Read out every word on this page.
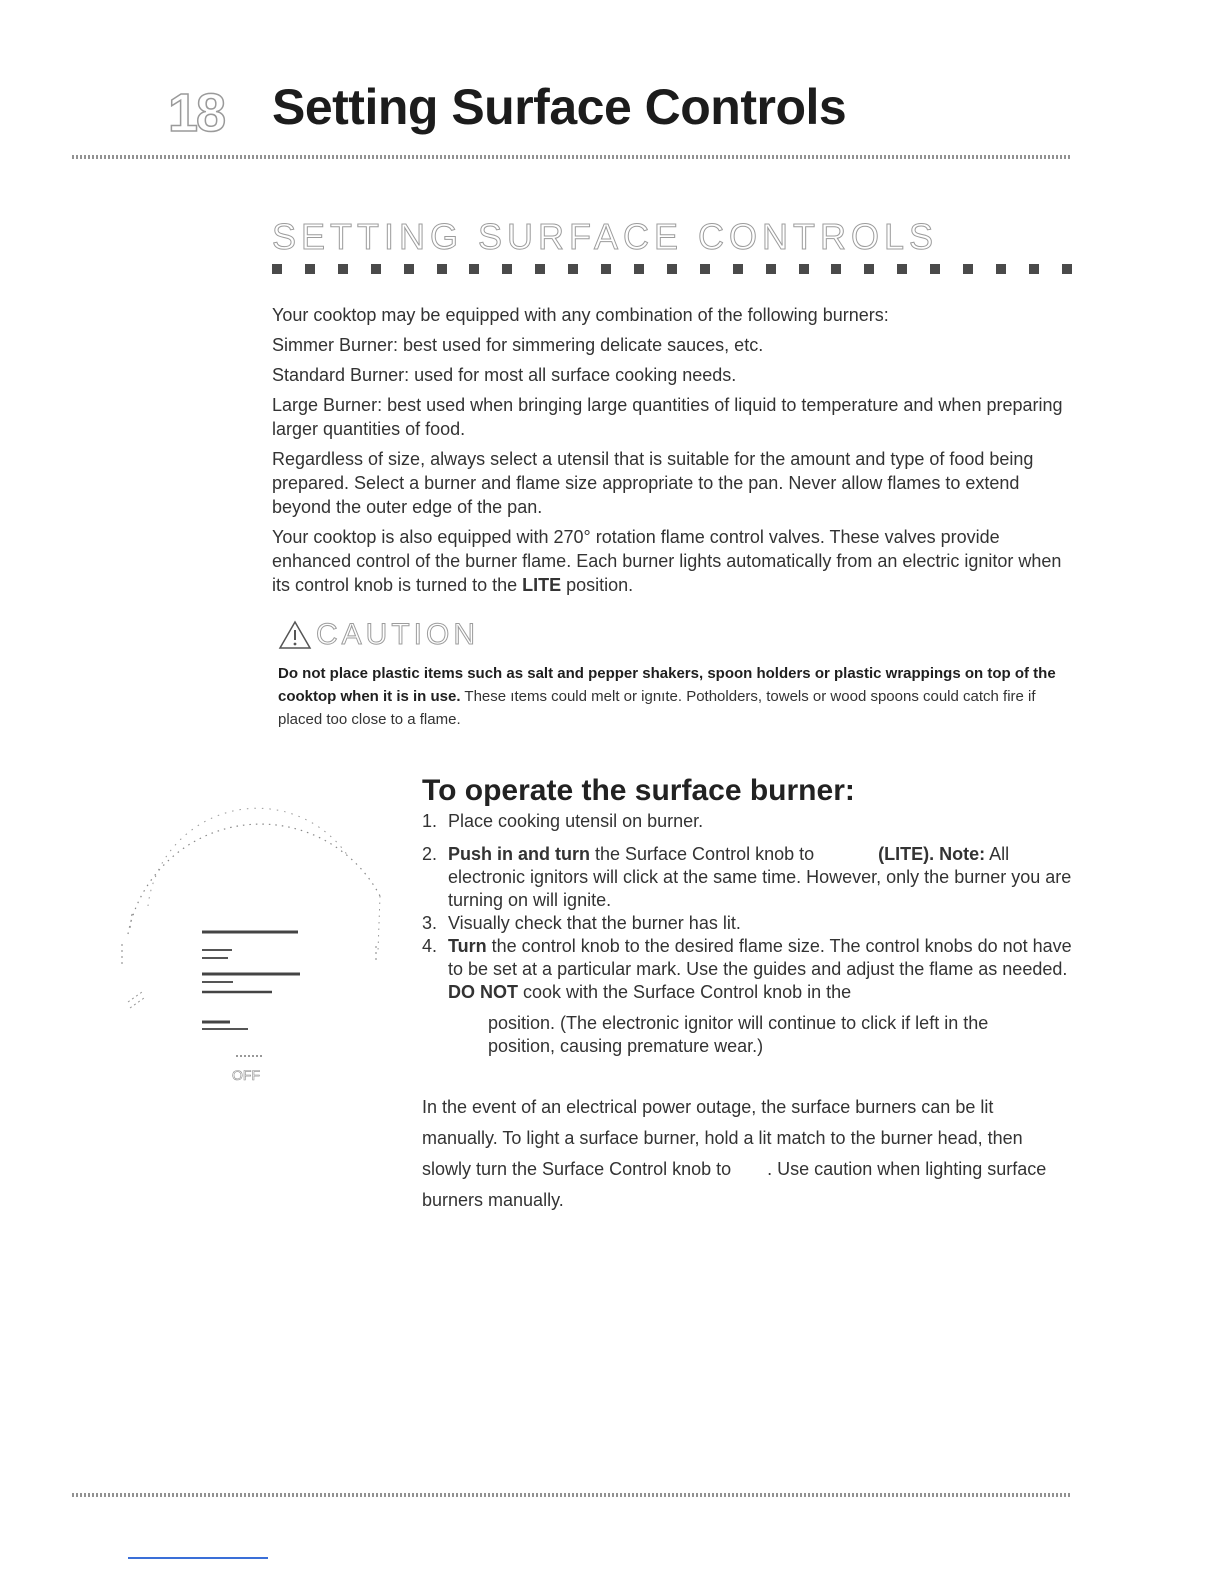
18 Setting Surface Controls
SETTING SURFACE CONTROLS

Your cooktop may be equipped with any combination of the following burners:

Simmer Burner: best used for simmering delicate sauces, etc.

Standard Burner: used for most all surface cooking needs.

Large Burner: best used when bringing large quantities of liquid to temperature and when preparing larger quantities of food.

Regardless of size, always select a utensil that is suitable for the amount and type of food being prepared. Select a burner and flame size appropriate to the pan. Never allow flames to extend beyond the outer edge of the pan.

Your cooktop is also equipped with 270° rotation flame control valves. These valves provide enhanced control of the burner flame. Each burner lights automatically from an electric ignitor when its control knob is turned to the LITE position.

CAUTION

Do not place plastic items such as salt and pepper shakers, spoon holders or plastic wrappings on top of the cooktop when it is in use. These ıtems could melt or ignıte. Potholders, towels or wood spoons could catch fire if placed too close to a flame.

OFF
To operate the surface burner:
1. Place cooking utensil on burner.
2. Push in and turn the Surface Control knob to	(LITE). Note: All electronic ignitors will click at the same time. However, only the burner you are turning on will ignite.
3. Visually check that the burner has lit.
4. Turn the control knob to the desired flame size. The control knobs do not have to be set at a particular mark. Use the guides and adjust the flame as needed. DO NOT cook with the Surface Control knob in the
position. (The electronic ignitor will continue to click if left in the
position, causing premature wear.)

In the event of an electrical power outage, the surface burners can be lit manually. To light a surface burner, hold a lit match to the burner head, then slowly turn the Surface Control knob to . Use caution when lighting surface burners manually.
